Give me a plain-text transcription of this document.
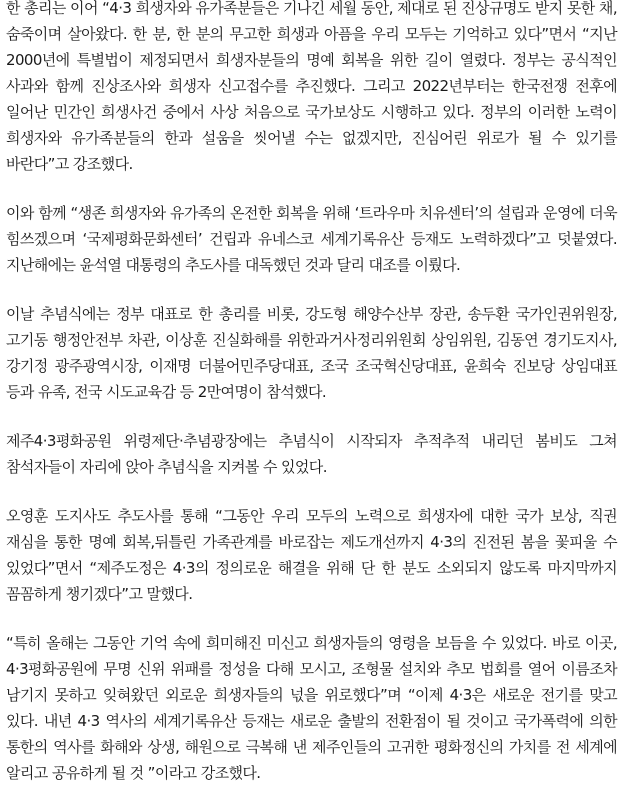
한 총리는 이어 “4·3 희생자와 유가족분들은 기나긴 세월 동안, 제대로 된 진상규명도 받지 못한 채, 숨죽이며 살아왔다. 한 분, 한 분의 무고한 희생과 아픔을 우리 모두는 기억하고 있다”면서 “지난 2000년에 특별법이 제정되면서 희생자분들의 명예 회복을 위한 길이 열렸다. 정부는 공식적인 사과와 함께 진상조사와 희생자 신고접수를 추진했다. 그리고 2022년부터는 한국전쟁 전후에 일어난 민간인 희생사건 중에서 사상 처음으로 국가보상도 시행하고 있다. 정부의 이러한 노력이 희생자와 유가족분들의 한과 설움을 씻어낼 수는 없겠지만, 진심어린 위로가 될 수 있기를 바란다”고 강조했다.

이와 함께 “생존 희생자와 유가족의 온전한 회복을 위해 ‘트라우마 치유센터’의 설립과 운영에 더욱 힘쓰겠으며 ‘국제평화문화센터’ 건립과 유네스코 세계기록유산 등재도 노력하겠다”고 덧붙였다. 지난해에는 윤석열 대통령의 추도사를 대독했던 것과 달리 대조를 이뤘다.

이날 추념식에는 정부 대표로 한 총리를 비롯, 강도형 해양수산부 장관, 송두환 국가인권위원장, 고기동 행정안전부 차관, 이상훈 진실화해를 위한과거사정리위원회 상임위원, 김동연 경기도지사, 강기정 광주광역시장, 이재명 더불어민주당대표, 조국 조국혁신당대표, 윤희숙 진보당 상임대표 등과 유족, 전국 시도교육감 등 2만여명이 참석했다.

제주4·3평화공원 위령제단·추념광장에는 추념식이 시작되자 추적추적 내리던 봄비도 그쳐 참석자들이 자리에 앉아 추념식을 지켜볼 수 있었다.

오영훈 도지사도 추도사를 통해 “그동안 우리 모두의 노력으로 희생자에 대한 국가 보상, 직권 재심을 통한 명예 회복,뒤틀린 가족관계를 바로잡는 제도개선까지 4·3의 진전된 봄을 꽃피울 수 있었다”면서 “제주도정은 4·3의 정의로운 해결을 위해 단 한 분도 소외되지 않도록 마지막까지 꼼꼼하게 챙기겠다”고 말했다.

“특히 올해는 그동안 기억 속에 희미해진 미신고 희생자들의 영령을 보듬을 수 있었다. 바로 이곳, 4·3평화공원에 무명 신위 위패를 정성을 다해 모시고, 조형물 설치와 추모 법회를 열어 이름조차 남기지 못하고 잊혀왔던 외로운 희생자들의 넋을 위로했다”며 “이제 4·3은 새로운 전기를 맞고 있다. 내년 4·3 역사의 세계기록유산 등재는 새로운 출발의 전환점이 될 것이고 국가폭력에 의한 통한의 역사를 화해와 상생, 해원으로 극복해 낸 제주인들의 고귀한 평화정신의 가치를 전 세계에 알리고 공유하게 될 것 ”이라고 강조했다.
